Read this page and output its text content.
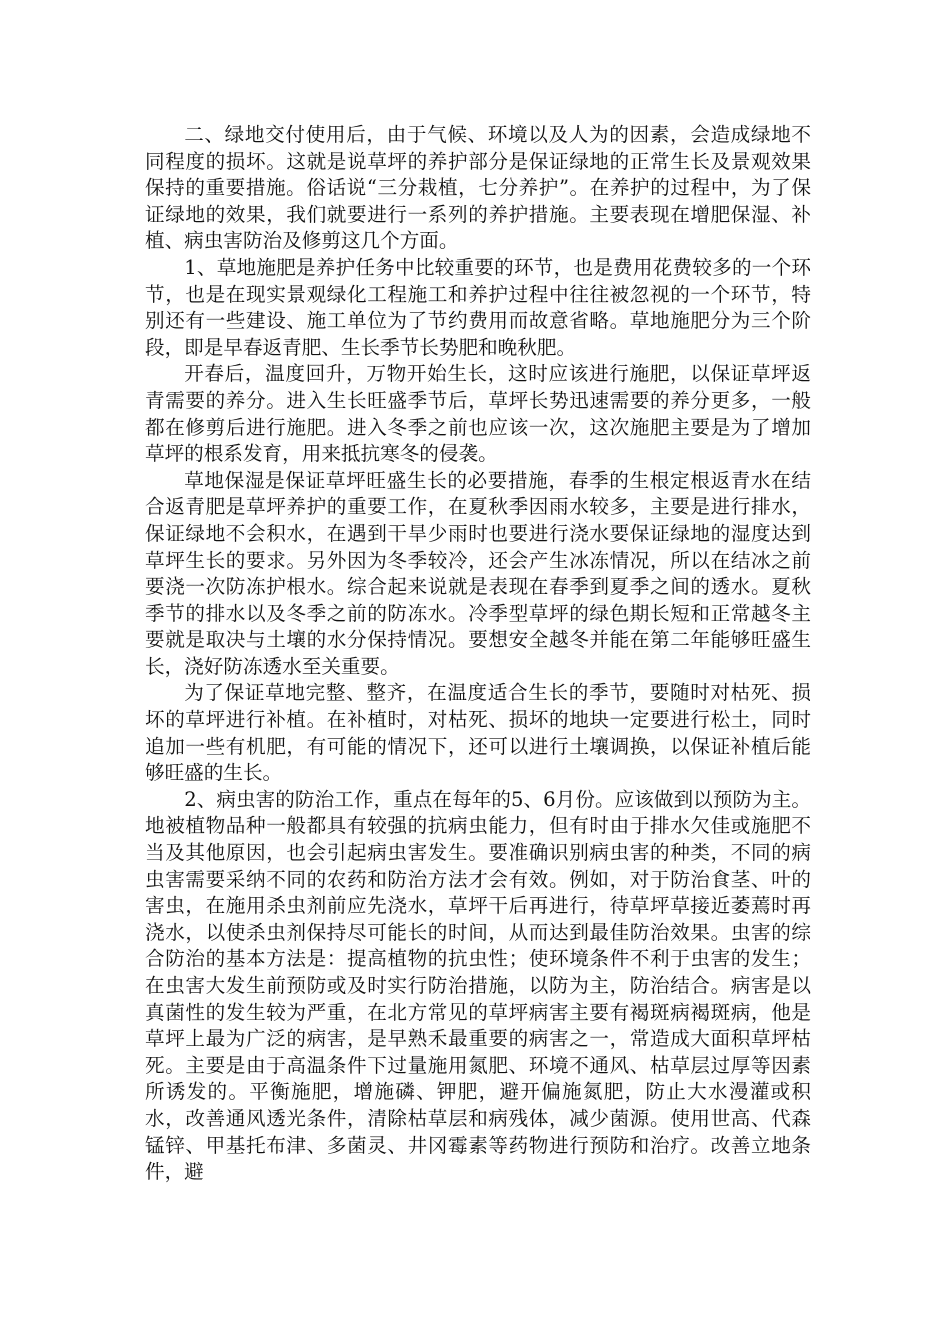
二、绿地交付使用后，由于气候、环境以及人为的因素，会造成绿地不同程度的损坏。这就是说草坪的养护部分是保证绿地的正常生长及景观效果保持的重要措施。俗话说“三分栽植，七分养护”。在养护的过程中，为了保证绿地的效果，我们就要进行一系列的养护措施。主要表现在增肥保湿、补植、病虫害防治及修剪这几个方面。

1、草地施肥是养护任务中比较重要的环节，也是费用花费较多的一个环节，也是在现实景观绿化工程施工和养护过程中往往被忽视的一个环节，特别还有一些建设、施工单位为了节约费用而故意省略。草地施肥分为三个阶段，即是早春返青肥、生长季节长势肥和晚秋肥。

开春后，温度回升，万物开始生长，这时应该进行施肥，以保证草坪返青需要的养分。进入生长旺盛季节后，草坪长势迅速需要的养分更多，一般都在修剪后进行施肥。进入冬季之前也应该一次，这次施肥主要是为了增加草坪的根系发育，用来抵抗寒冬的侵袭。

草地保湿是保证草坪旺盛生长的必要措施，春季的生根定根返青水在结合返青肥是草坪养护的重要工作，在夏秋季因雨水较多，主要是进行排水，保证绿地不会积水，在遇到干旱少雨时也要进行浇水要保证绿地的湿度达到草坪生长的要求。另外因为冬季较冷，还会产生冰冻情况，所以在结冰之前要浇一次防冻护根水。综合起来说就是表现在春季到夏季之间的透水。夏秋季节的排水以及冬季之前的防冻水。冷季型草坪的绿色期长短和正常越冬主要就是取决与土壤的水分保持情况。要想安全越冬并能在第二年能够旺盛生长，浇好防冻透水至关重要。

为了保证草地完整、整齐，在温度适合生长的季节，要随时对枯死、损坏的草坪进行补植。在补植时，对枯死、损坏的地块一定要进行松土，同时追加一些有机肥，有可能的情况下，还可以进行土壤调换，以保证补植后能够旺盛的生长。

2、病虫害的防治工作，重点在每年的5、6月份。应该做到以预防为主。地被植物品种一般都具有较强的抗病虫能力，但有时由于排水欠佳或施肥不当及其他原因，也会引起病虫害发生。要准确识别病虫害的种类，不同的病虫害需要采纳不同的农药和防治方法才会有效。例如，对于防治食茎、叶的害虫，在施用杀虫剂前应先浇水，草坪干后再进行，待草坪草接近萎蔫时再浇水，以使杀虫剂保持尽可能长的时间，从而达到最佳防治效果。虫害的综合防治的基本方法是：提高植物的抗虫性；使环境条件不利于虫害的发生；在虫害大发生前预防或及时实行防治措施，以防为主，防治结合。病害是以真菌性的发生较为严重，在北方常见的草坪病害主要有褐斑病褐斑病，他是草坪上最为广泛的病害，是早熟禾最重要的病害之一，常造成大面积草坪枯死。主要是由于高温条件下过量施用氮肥、环境不通风、枯草层过厚等因素所诱发的。平衡施肥，增施磷、钾肥，避开偏施氮肥，防止大水漫灌或积水，改善通风透光条件，清除枯草层和病残体，减少菌源。使用世高、代森锰锌、甲基托布津、多菌灵、井冈霉素等药物进行预防和治疗。改善立地条件，避
